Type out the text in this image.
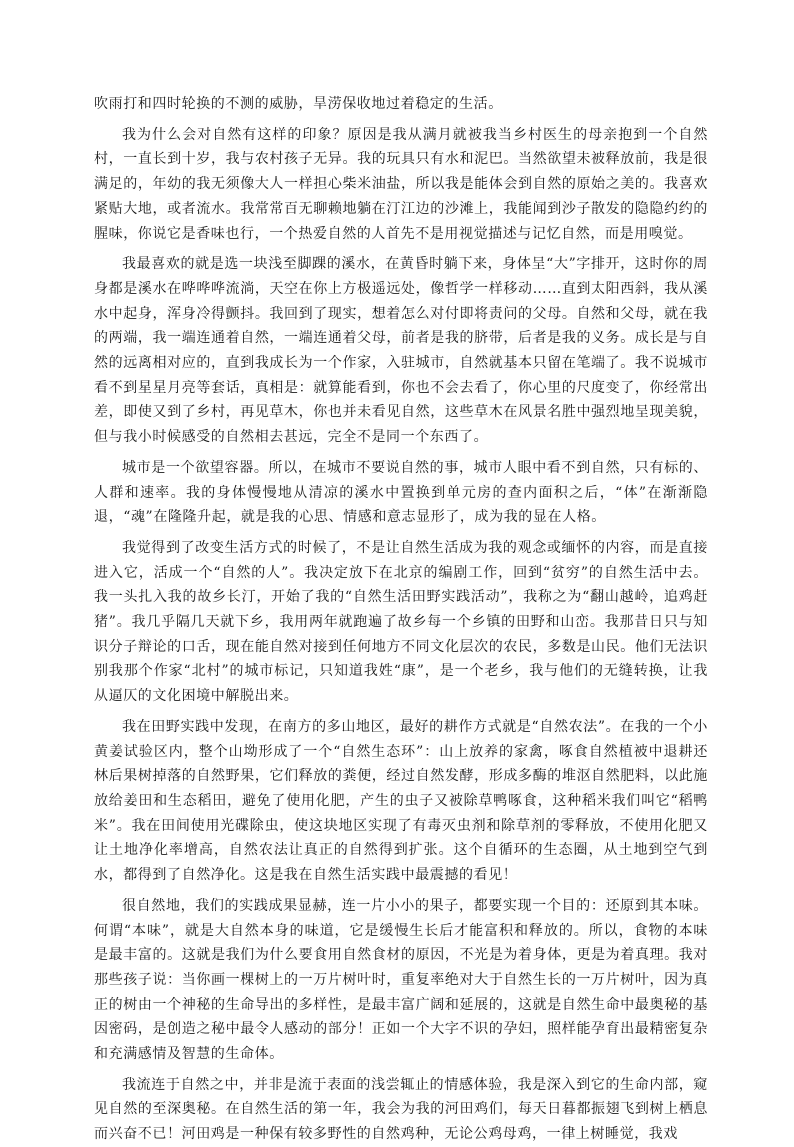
吹雨打和四时轮换的不测的威胁，旱涝保收地过着稳定的生活。

我为什么会对自然有这样的印象？原因是我从满月就被我当乡村医生的母亲抱到一个自然村，一直长到十岁，我与农村孩子无异。我的玩具只有水和泥巴。当然欲望未被释放前，我是很满足的，年幼的我无须像大人一样担心柴米油盐，所以我是能体会到自然的原始之美的。我喜欢紧贴大地，或者流水。我常常百无聊赖地躺在汀江边的沙滩上，我能闻到沙子散发的隐隐约约的腥味，你说它是香味也行，一个热爱自然的人首先不是用视觉描述与记忆自然，而是用嗅觉。

我最喜欢的就是选一块浅至脚踝的溪水，在黄昏时躺下来，身体呈“大”字排开，这时你的周身都是溪水在哗哗哗流淌，天空在你上方极遥远处，像哲学一样移动……直到太阳西斜，我从溪水中起身，浑身冷得颤抖。我回到了现实，想着怎么对付即将责问的父母。自然和父母，就在我的两端，我一端连通着自然，一端连通着父母，前者是我的脐带，后者是我的义务。成长是与自然的远离相对应的，直到我成长为一个作家，入驻城市，自然就基本只留在笔端了。我不说城市看不到星星月亮等套话，真相是：就算能看到，你也不会去看了，你心里的尺度变了，你经常出差，即使又到了乡村，再见草木，你也并未看见自然，这些草木在风景名胜中强烈地呈现美貌，但与我小时候感受的自然相去甚远，完全不是同一个东西了。

城市是一个欲望容器。所以，在城市不要说自然的事，城市人眼中看不到自然，只有标的、人群和速率。我的身体慢慢地从清凉的溪水中置换到单元房的查内面积之后，“体”在渐渐隐退，“魂”在隆隆升起，就是我的心思、情感和意志显形了，成为我的显在人格。

我觉得到了改变生活方式的时候了，不是让自然生活成为我的观念或缅怀的内容，而是直接进入它，活成一个“自然的人”。我决定放下在北京的编剧工作，回到“贫穷”的自然生活中去。我一头扎入我的故乡长汀，开始了我的“自然生活田野实践活动”，我称之为“翻山越岭，追鸡赶猪”。我几乎隔几天就下乡，我用两年就跑遍了故乡每一个乡镇的田野和山峦。我那昔日只与知识分子辩论的口舌，现在能自然对接到任何地方不同文化层次的农民，多数是山民。他们无法识别我那个作家“北村”的城市标记，只知道我姓“康”，是一个老乡，我与他们的无缝转换，让我从逼仄的文化困境中解脱出来。

我在田野实践中发现，在南方的多山地区，最好的耕作方式就是“自然农法”。在我的一个小黄姜试验区内，整个山坳形成了一个“自然生态环”：山上放养的家禽，啄食自然植被中退耕还林后果树掉落的自然野果，它们释放的粪便，经过自然发酵，形成多酶的堆沤自然肥料，以此施放给姜田和生态稻田，避免了使用化肥，产生的虫子又被除草鸭啄食，这种稻米我们叫它“稻鸭米”。我在田间使用光碟除虫，使这块地区实现了有毒灭虫剂和除草剂的零释放，不使用化肥又让土地净化率增高，自然农法让真正的自然得到扩张。这个自循环的生态圈，从土地到空气到水，都得到了自然净化。这是我在自然生活实践中最震撼的看见！

很自然地，我们的实践成果显赫，连一片小小的果子，都要实现一个目的：还原到其本味。何谓“本味”，就是大自然本身的味道，它是缓慢生长后才能富积和释放的。所以，食物的本味是最丰富的。这就是我们为什么要食用自然食材的原因，不光是为着身体，更是为着真理。我对那些孩子说：当你画一棵树上的一万片树叶时，重复率绝对大于自然生长的一万片树叶，因为真正的树由一个神秘的生命导出的多样性，是最丰富广阔和延展的，这就是自然生命中最奥秘的基因密码，是创造之秘中最令人感动的部分！正如一个大字不识的孕妇，照样能孕育出最精密复杂和充满感情及智慧的生命体。

我流连于自然之中，并非是流于表面的浅尝辄止的情感体验，我是深入到它的生命内部，窥见自然的至深奥秘。在自然生活的第一年，我会为我的河田鸡们，每天日暮都振翅飞到树上栖息而兴奋不已！河田鸡是一种保有较多野性的自然鸡种，无论公鸡母鸡，一律上树睡觉，我戏
